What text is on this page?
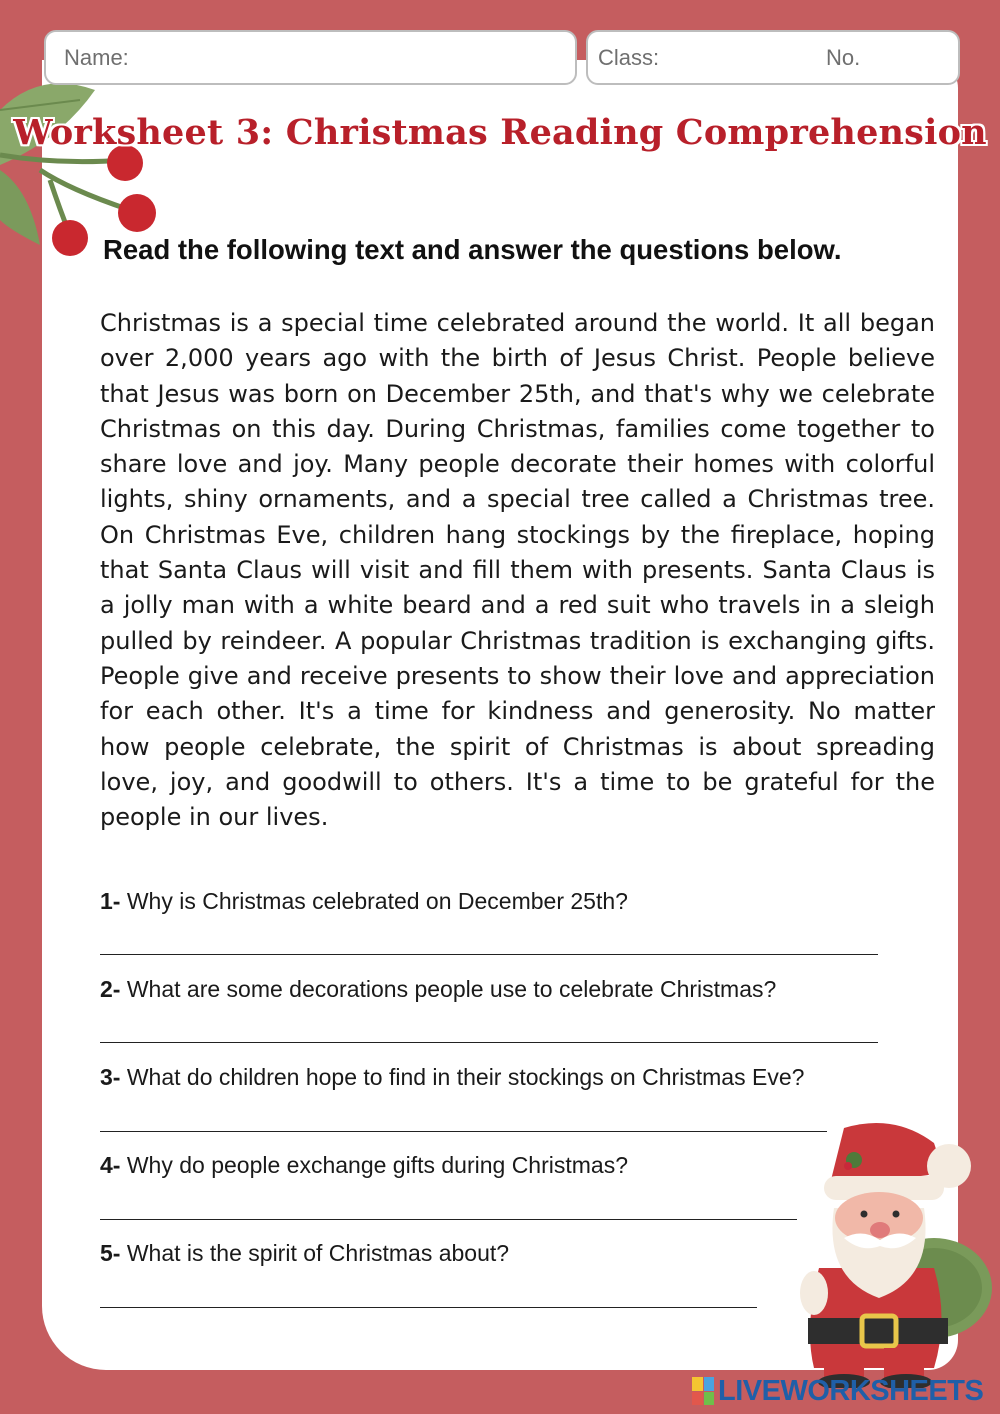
Name:	Class:	No.
Worksheet 3: Christmas Reading Comprehension
Read the following text and answer the questions below.

Christmas is a special time celebrated around the world. It all began over 2,000 years ago with the birth of Jesus Christ. People believe that Jesus was born on December 25th, and that's why we celebrate Christmas on this day. During Christmas, families come together to share love and joy. Many people decorate their homes with colorful lights, shiny ornaments, and a special tree called a Christmas tree. On Christmas Eve, children hang stockings by the fireplace, hoping that Santa Claus will visit and fill them with presents. Santa Claus is a jolly man with a white beard and a red suit who travels in a sleigh pulled by reindeer. A popular Christmas tradition is exchanging gifts. People give and receive presents to show their love and appreciation for each other. It's a time for kindness and generosity. No matter how people celebrate, the spirit of Christmas is about spreading love, joy, and goodwill to others. It's a time to be grateful for the people in our lives.

1- Why is Christmas celebrated on December 25th?
2- What are some decorations people use to celebrate Christmas?
3- What do children hope to find in their stockings on Christmas Eve?
4- Why do people exchange gifts during Christmas?
5- What is the spirit of Christmas about?
LIVEWORKSHEETS
